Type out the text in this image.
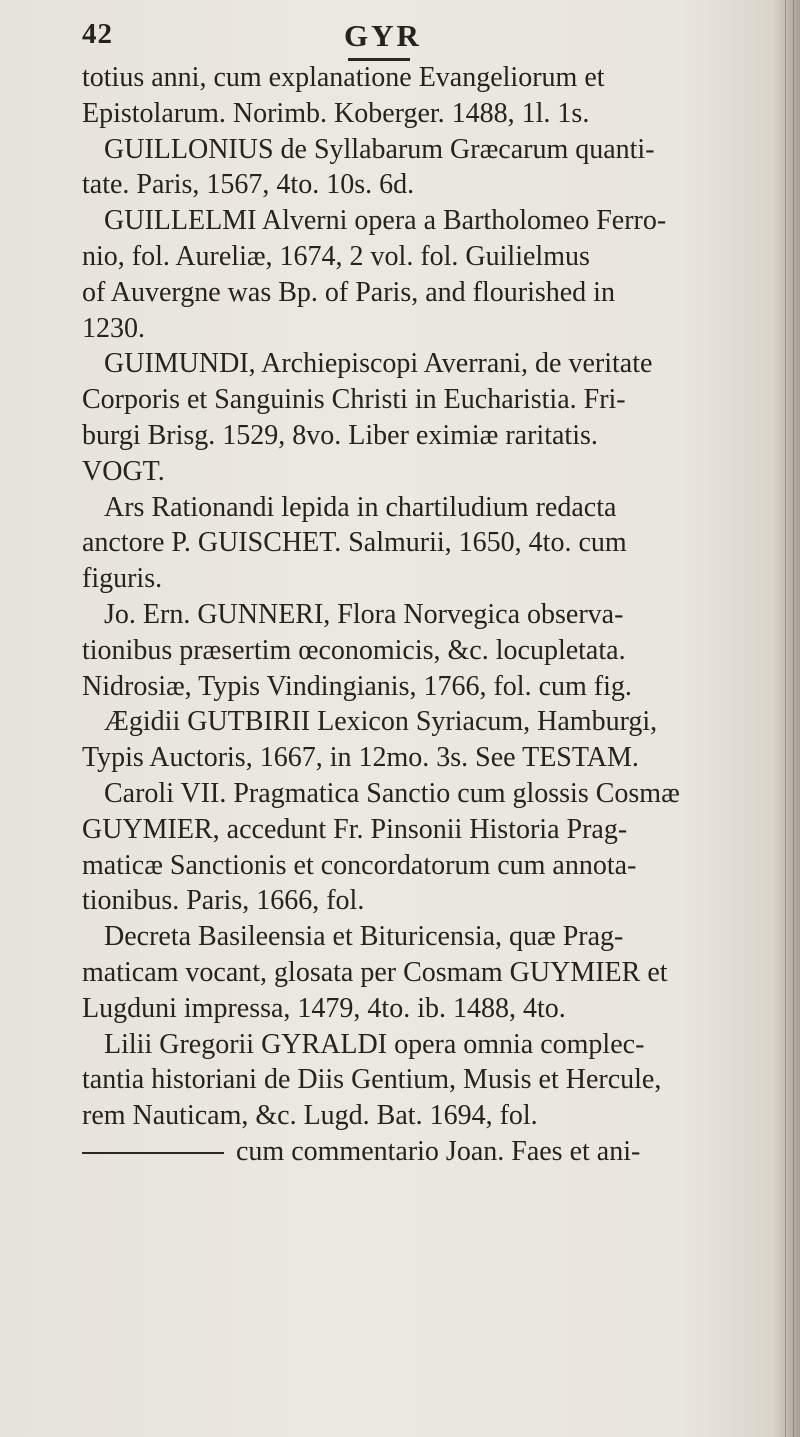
42	GYR
totius anni, cum explanatione Evangeliorum et
Epistolarum. Norimb. Koberger. 1488, 1l. 1s.
GUILLONIUS de Syllabarum Græcarum quanti-
tate. Paris, 1567, 4to. 10s. 6d.
GUILLELMI Alverni opera a Bartholomeo Ferro-
nio, fol. Aureliæ, 1674, 2 vol. fol. Guilielmus
of Auvergne was Bp. of Paris, and flourished in
1230.
GUIMUNDI, Archiepiscopi Averrani, de veritate
Corporis et Sanguinis Christi in Eucharistia. Fri-
burgi Brisg. 1529, 8vo. Liber eximiæ raritatis.
VOGT.
Ars Rationandi lepida in chartiludium redacta
anctore P. GUISCHET. Salmurii, 1650, 4to. cum
figuris.
Jo. Ern. GUNNERI, Flora Norvegica observa-
tionibus præsertim œconomicis, &c. locupletata.
Nidrosiæ, Typis Vindingianis, 1766, fol. cum fig.
Ægidii GUTBIRII Lexicon Syriacum, Hamburgi,
Typis Auctoris, 1667, in 12mo. 3s. See TESTAM.
Caroli VII. Pragmatica Sanctio cum glossis Cosmæ
GUYMIER, accedunt Fr. Pinsonii Historia Prag-
maticæ Sanctionis et concordatorum cum annota-
tionibus. Paris, 1666, fol.
Decreta Basileensia et Bituricensia, quæ Prag-
maticam vocant, glosata per Cosmam GUYMIER et
Lugduni impressa, 1479, 4to. ib. 1488, 4to.
Lilii Gregorii GYRALDI opera omnia complec-
tantia historiani de Diis Gentium, Musis et Hercule,
rem Nauticam, &c. Lugd. Bat. 1694, fol.
cum commentario Joan. Faes et ani-
